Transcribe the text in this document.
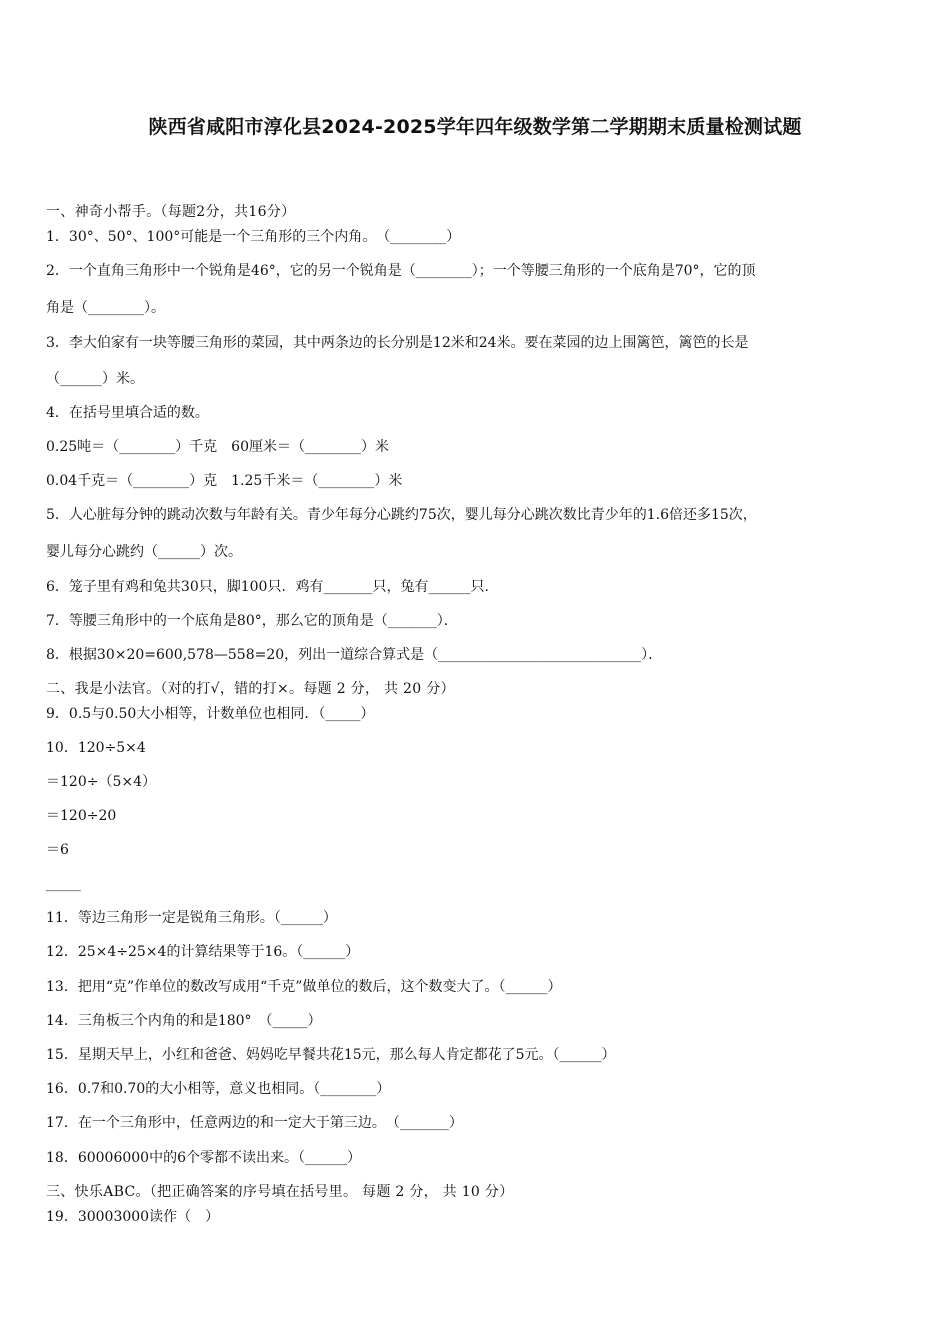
陕西省咸阳市淳化县2024-2025学年四年级数学第二学期期末质量检测试题
一、神奇小帮手。（每题2分，共16分）
1．30°、50°、100°可能是一个三角形的三个内角。　（________）
2．一个直角三角形中一个锐角是46°，它的另一个锐角是（________）；一个等腰三角形的一个底角是70°，它的顶
角是（________）。
3．李大伯家有一块等腰三角形的菜园，其中两条边的长分别是12米和24米。要在菜园的边上围篱笆，篱笆的长是
（______）米。
4．在括号里填合适的数。
0.25吨＝（________）千克　60厘米＝（________）米
0.04千克＝（________）克　1.25千米＝（________）米
5．人心脏每分钟的跳动次数与年龄有关。青少年每分心跳约75次，婴儿每分心跳次数比青少年的1.6倍还多15次，
婴儿每分心跳约（______）次。
6．笼子里有鸡和兔共30只，脚100只．鸡有_______只，兔有______只．
7．等腰三角形中的一个底角是80°，那么它的顶角是（_______）．
8．根据30×20=600,578—558=20，列出一道综合算式是（_____________________________）．
二、我是小法官。（对的打√，错的打×。每题 2 分， 共 20 分）
9．0.5与0.50大小相等，计数单位也相同．（_____）
10．120÷5×4
＝120÷（5×4）
＝120÷20
＝6
_____
11．等边三角形一定是锐角三角形。（______）
12．25×4÷25×4的计算结果等于16。（______）
13．把用“克”作单位的数改写成用“千克”做单位的数后，这个数变大了。（______）
14．三角板三个内角的和是180°　（_____）
15．星期天早上，小红和爸爸、妈妈吃早餐共花15元，那么每人肯定都花了5元。（______）
16．0.7和0.70的大小相等，意义也相同。（________）
17．在一个三角形中，任意两边的和一定大于第三边。　（_______）
18．60006000中的6个零都不读出来。（______）
三、快乐ABC。（把正确答案的序号填在括号里。 每题 2 分， 共 10 分）
19．30003000读作（　）
